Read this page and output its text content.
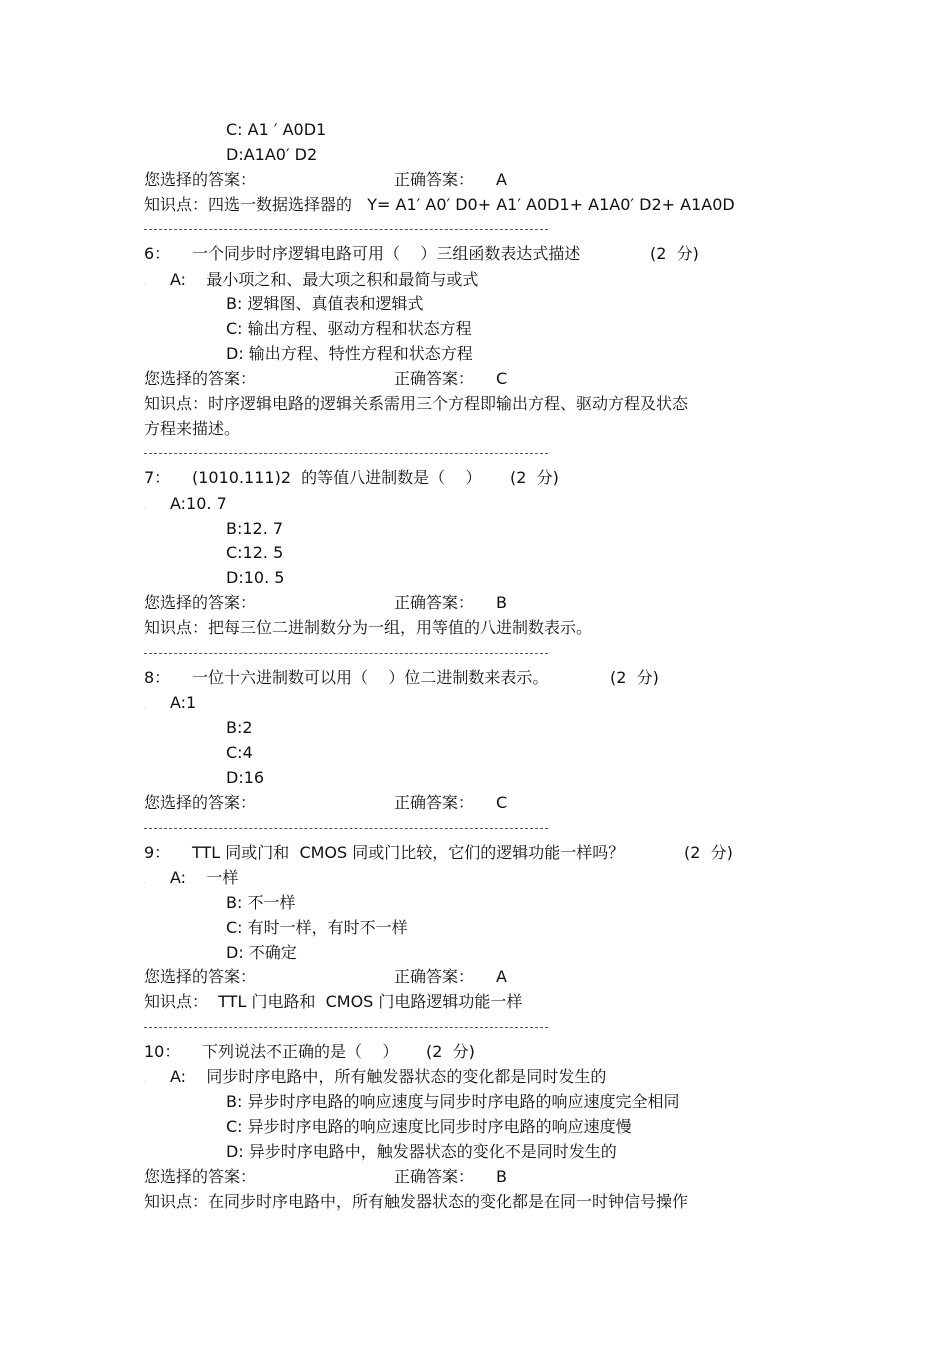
C: A1 ′ A0D1
D:A1A0′ D2
您选择的答案：	正确答案： A
知识点：四选一数据选择器的   Y= A1′ A0′ D0+ A1′ A0D1+ A1A0′ D2+ A1A0D
6： 一个同步时序逻辑电路可用（    ）三组函数表达式描述	(2  分)
. A:    最小项之和、最大项之积和最简与或式
B: 逻辑图、真值表和逻辑式
C: 输出方程、驱动方程和状态方程
D: 输出方程、特性方程和状态方程
您选择的答案：	正确答案： C
知识点：时序逻辑电路的逻辑关系需用三个方程即输出方程、驱动方程及状态
方程来描述。
7： (1010.111)2  的等值八进制数是（    ） (2  分)
. A:10. 7
B:12. 7
C:12. 5
D:10. 5
您选择的答案：	正确答案： B
知识点：把每三位二进制数分为一组，用等值的八进制数表示。
8： 一位十六进制数可以用（    ）位二进制数来表示。	(2  分)
. A:1
B:2
C:4
D:16
您选择的答案：	正确答案： C
9： TTL 同或门和  CMOS 同或门比较，它们的逻辑功能一样吗？	(2  分)
. A:    一样
B: 不一样
C: 有时一样，有时不一样
D: 不确定
您选择的答案：	正确答案： A
知识点：  TTL 门电路和  CMOS 门电路逻辑功能一样
10： 下列说法不正确的是（    ） (2  分)
. A:    同步时序电路中，所有触发器状态的变化都是同时发生的
B: 异步时序电路的响应速度与同步时序电路的响应速度完全相同
C: 异步时序电路的响应速度比同步时序电路的响应速度慢
D: 异步时序电路中，触发器状态的变化不是同时发生的
您选择的答案：	正确答案： B
知识点：在同步时序电路中，所有触发器状态的变化都是在同一时钟信号操作
